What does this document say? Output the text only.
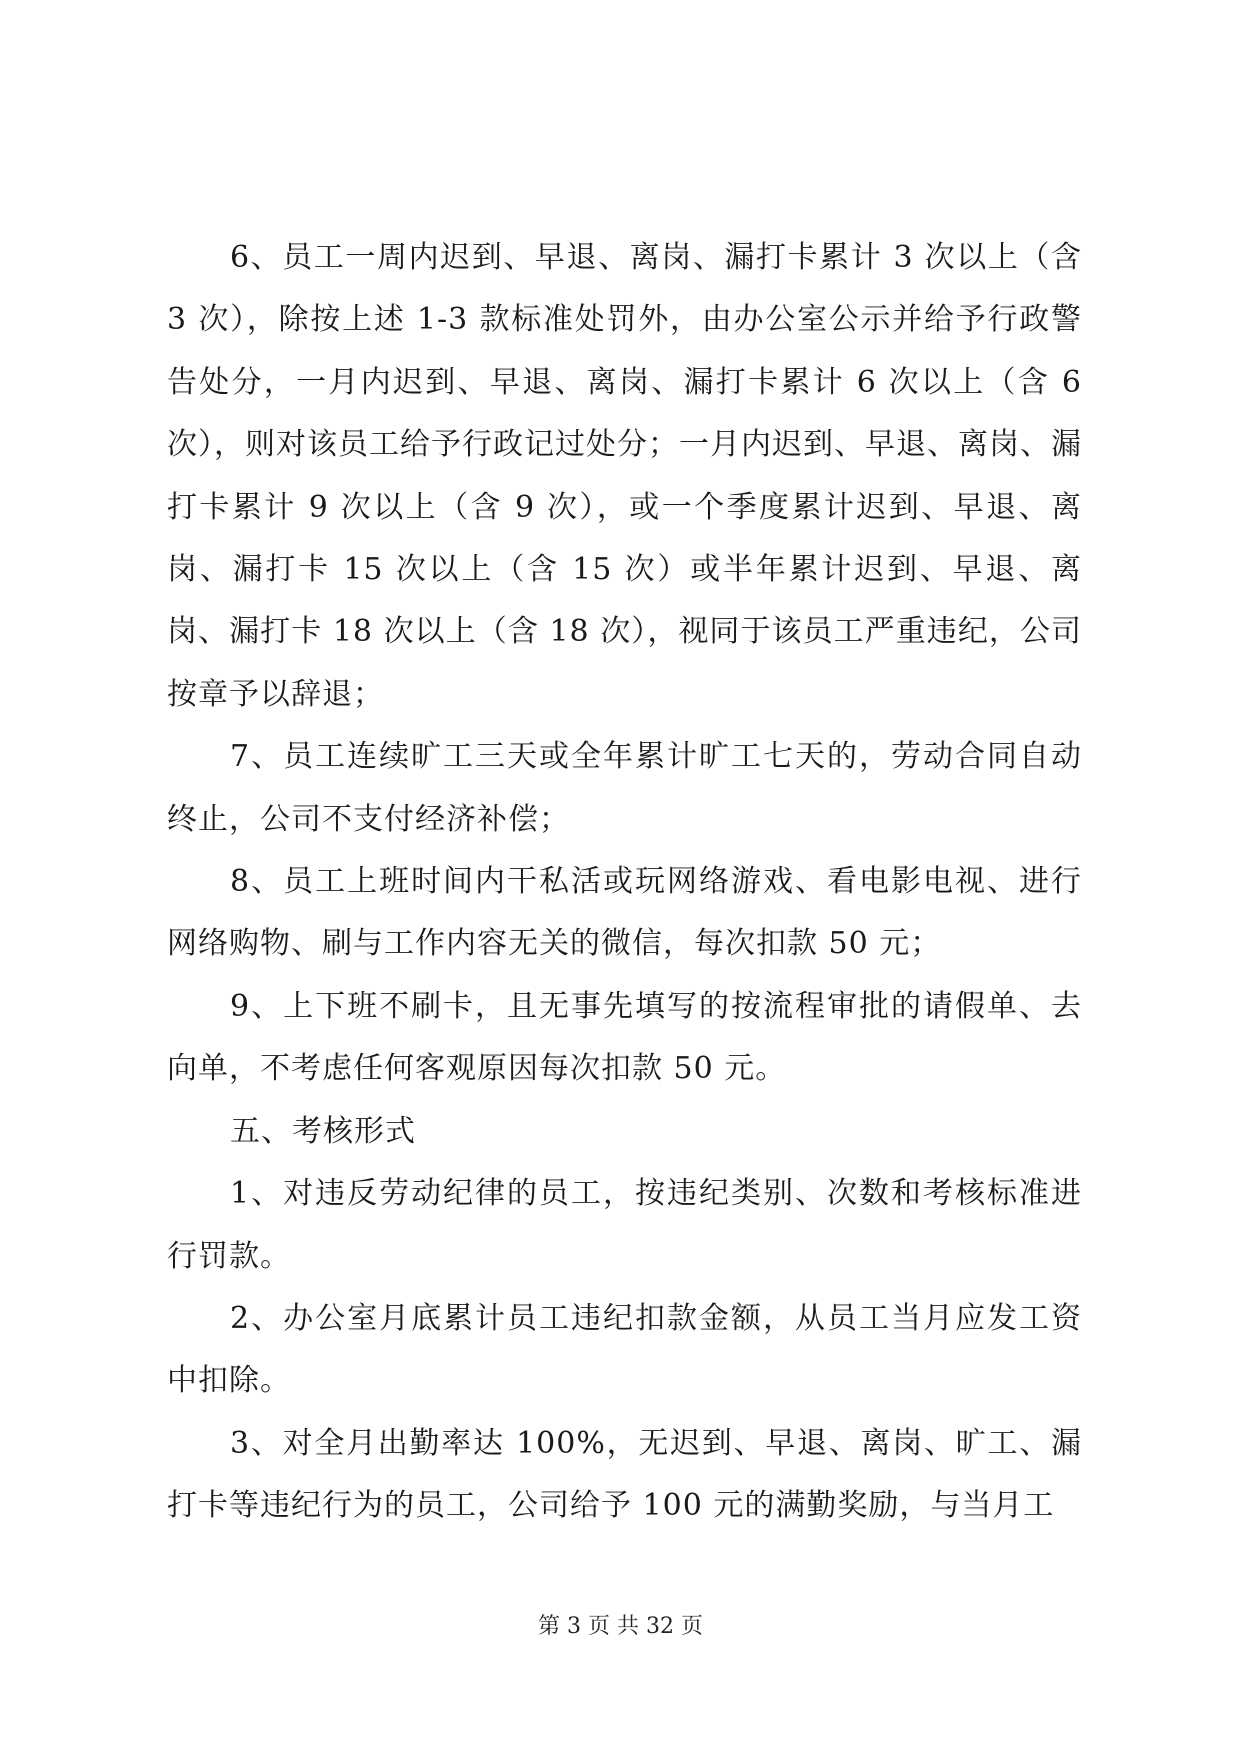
6、员工一周内迟到、早退、离岗、漏打卡累计 3 次以上（含 3 次），除按上述 1-3 款标准处罚外，由办公室公示并给予行政警告处分，一月内迟到、早退、离岗、漏打卡累计 6 次以上（含 6 次），则对该员工给予行政记过处分；一月内迟到、早退、离岗、漏打卡累计 9 次以上（含 9 次），或一个季度累计迟到、早退、离岗、漏打卡 15 次以上（含 15 次）或半年累计迟到、早退、离岗、漏打卡 18 次以上（含 18 次），视同于该员工严重违纪，公司按章予以辞退；

7、员工连续旷工三天或全年累计旷工七天的，劳动合同自动终止，公司不支付经济补偿；

8、员工上班时间内干私活或玩网络游戏、看电影电视、进行网络购物、刷与工作内容无关的微信，每次扣款 50 元；

9、上下班不刷卡，且无事先填写的按流程审批的请假单、去向单，不考虑任何客观原因每次扣款 50 元。

五、考核形式

1、对违反劳动纪律的员工，按违纪类别、次数和考核标准进行罚款。

2、办公室月底累计员工违纪扣款金额，从员工当月应发工资中扣除。

3、对全月出勤率达 100%，无迟到、早退、离岗、旷工、漏打卡等违纪行为的员工，公司给予 100 元的满勤奖励，与当月工

第 3 页 共 32 页
